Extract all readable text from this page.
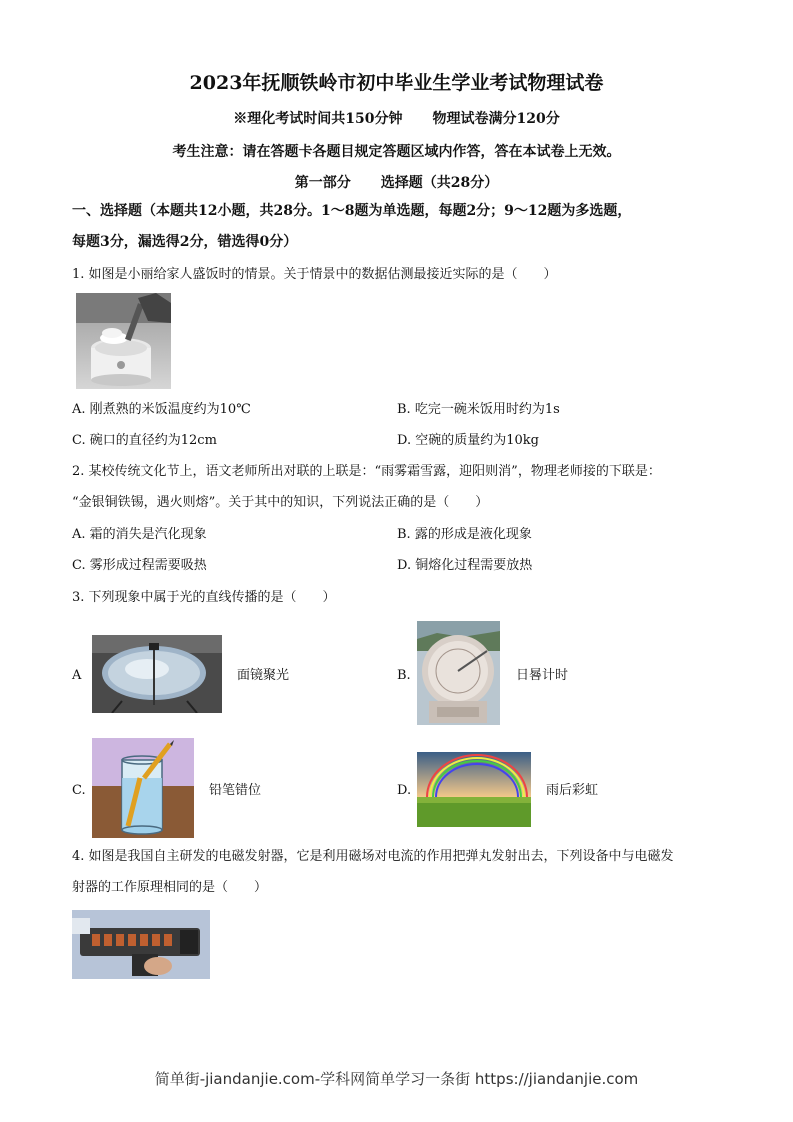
2023年抚顺铁岭市初中毕业生学业考试物理试卷
※理化考试时间共150分钟 物理试卷满分120分
考生注意：请在答题卡各题目规定答题区域内作答，答在本试卷上无效。
第一部分 选择题（共28分）
一、选择题（本题共12小题，共28分。1～8题为单选题，每题2分；9～12题为多选题，
每题3分，漏选得2分，错选得0分）
1. 如图是小丽给家人盛饭时的情景。关于情景中的数据估测最接近实际的是（　　）
A. 刚煮熟的米饭温度约为10℃	B. 吃完一碗米饭用时约为1s
C. 碗口的直径约为12cm	D. 空碗的质量约为10kg
2. 某校传统文化节上，语文老师所出对联的上联是：“雨雾霜雪露，迎阳则消”，物理老师接的下联是：
“金银铜铁锡，遇火则熔”。关于其中的知识，下列说法正确的是（　　）
A. 霜的消失是汽化现象	B. 露的形成是液化现象
C. 雾形成过程需要吸热	D. 铜熔化过程需要放热
3. 下列现象中属于光的直线传播的是（　　）
A	面镜聚光	B.	日晷计时
C.	铅笔错位	D.	雨后彩虹
4. 如图是我国自主研发的电磁发射器，它是利用磁场对电流的作用把弹丸发射出去，下列设备中与电磁发
射器的工作原理相同的是（　　）
简单街-jiandanjie.com-学科网简单学习一条街 https://jiandanjie.com
